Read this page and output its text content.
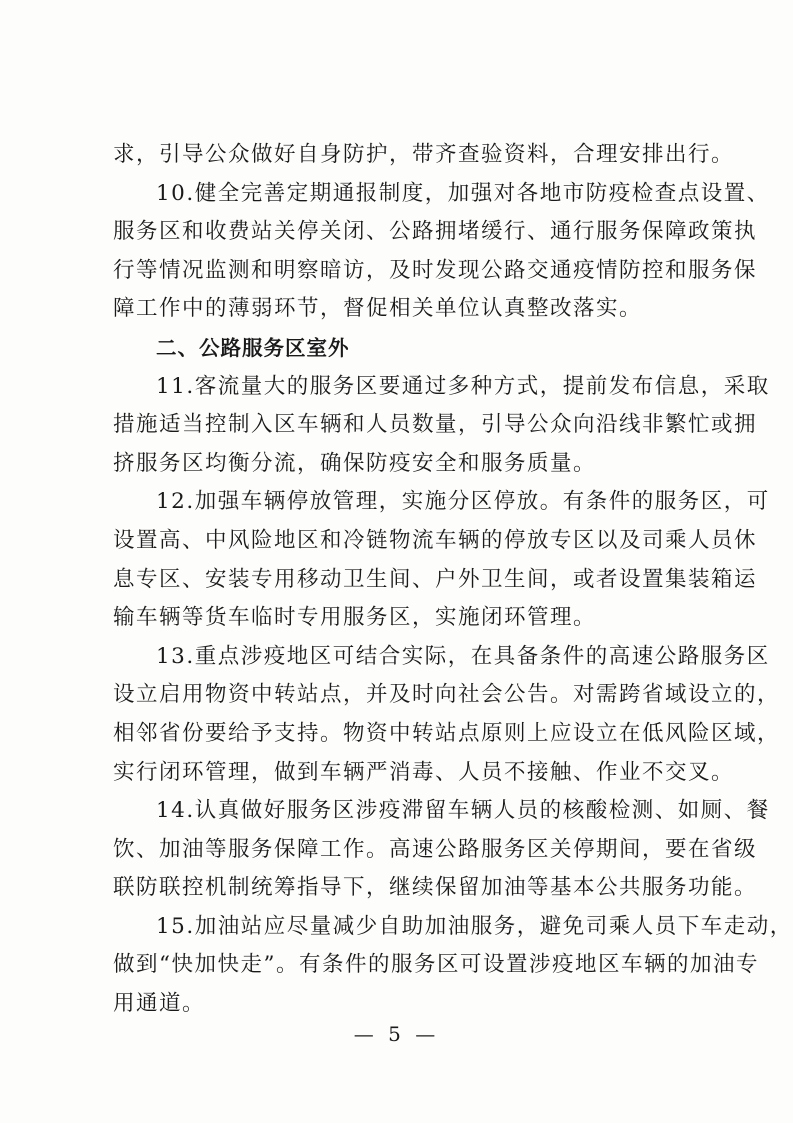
求，引导公众做好自身防护，带齐查验资料，合理安排出行。
10.健全完善定期通报制度，加强对各地市防疫检查点设置、
服务区和收费站关停关闭、公路拥堵缓行、通行服务保障政策执
行等情况监测和明察暗访，及时发现公路交通疫情防控和服务保
障工作中的薄弱环节，督促相关单位认真整改落实。
二、公路服务区室外
11.客流量大的服务区要通过多种方式，提前发布信息，采取
措施适当控制入区车辆和人员数量，引导公众向沿线非繁忙或拥
挤服务区均衡分流，确保防疫安全和服务质量。
12.加强车辆停放管理，实施分区停放。有条件的服务区，可
设置高、中风险地区和冷链物流车辆的停放专区以及司乘人员休
息专区、安装专用移动卫生间、户外卫生间，或者设置集装箱运
输车辆等货车临时专用服务区，实施闭环管理。
13.重点涉疫地区可结合实际，在具备条件的高速公路服务区
设立启用物资中转站点，并及时向社会公告。对需跨省域设立的，
相邻省份要给予支持。物资中转站点原则上应设立在低风险区域，
实行闭环管理，做到车辆严消毒、人员不接触、作业不交叉。
14.认真做好服务区涉疫滞留车辆人员的核酸检测、如厕、餐
饮、加油等服务保障工作。高速公路服务区关停期间，要在省级
联防联控机制统筹指导下，继续保留加油等基本公共服务功能。
15.加油站应尽量减少自助加油服务，避免司乘人员下车走动，
做到“快加快走”。有条件的服务区可设置涉疫地区车辆的加油专
用通道。
— 5 —
